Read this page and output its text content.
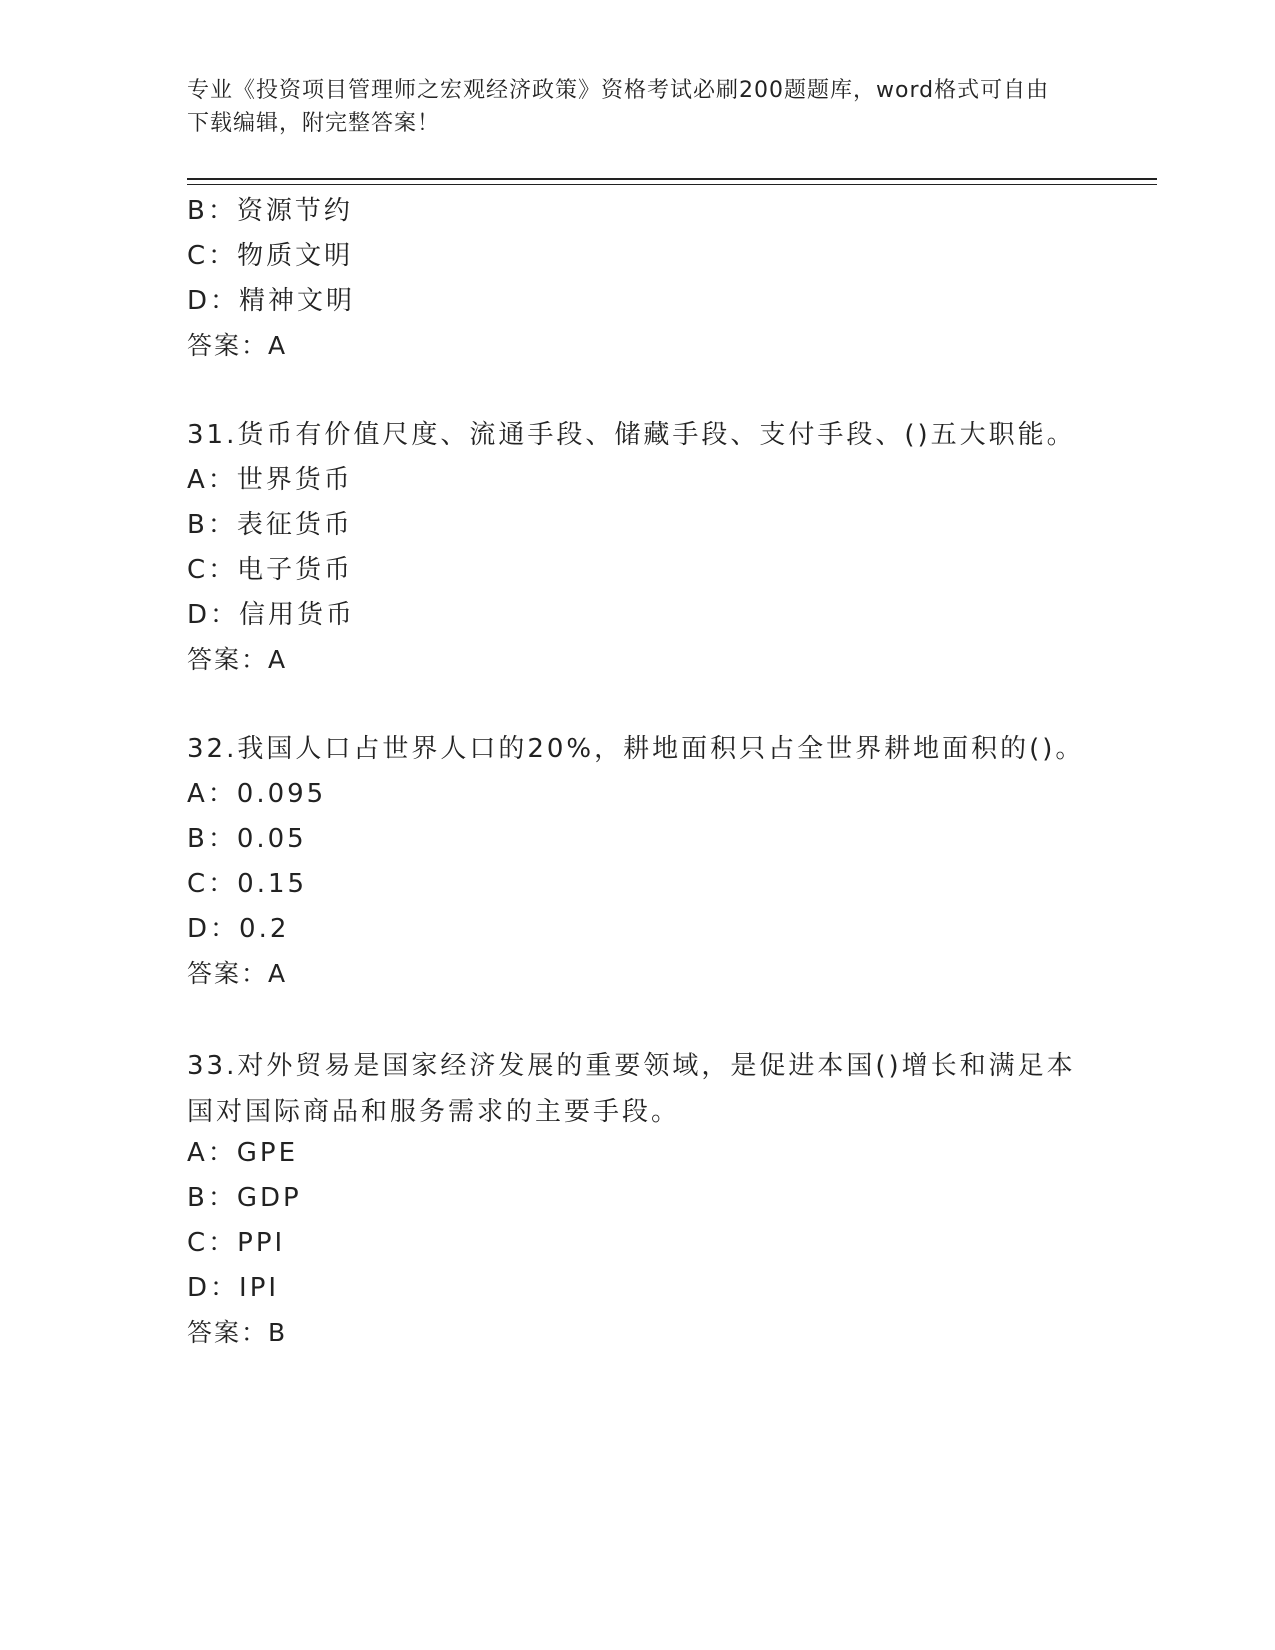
专业《投资项目管理师之宏观经济政策》资格考试必刷200题题库，word格式可自由下载编辑，附完整答案！
B：资源节约
C：物质文明
D：精神文明
答案：A
31.货币有价值尺度、流通手段、储藏手段、支付手段、()五大职能。
A：世界货币
B：表征货币
C：电子货币
D：信用货币
答案：A
32.我国人口占世界人口的20%，耕地面积只占全世界耕地面积的()。
A：0.095
B：0.05
C：0.15
D：0.2
答案：A
33.对外贸易是国家经济发展的重要领域，是促进本国()增长和满足本国对国际商品和服务需求的主要手段。
A：GPE
B：GDP
C：PPI
D：IPI
答案：B
